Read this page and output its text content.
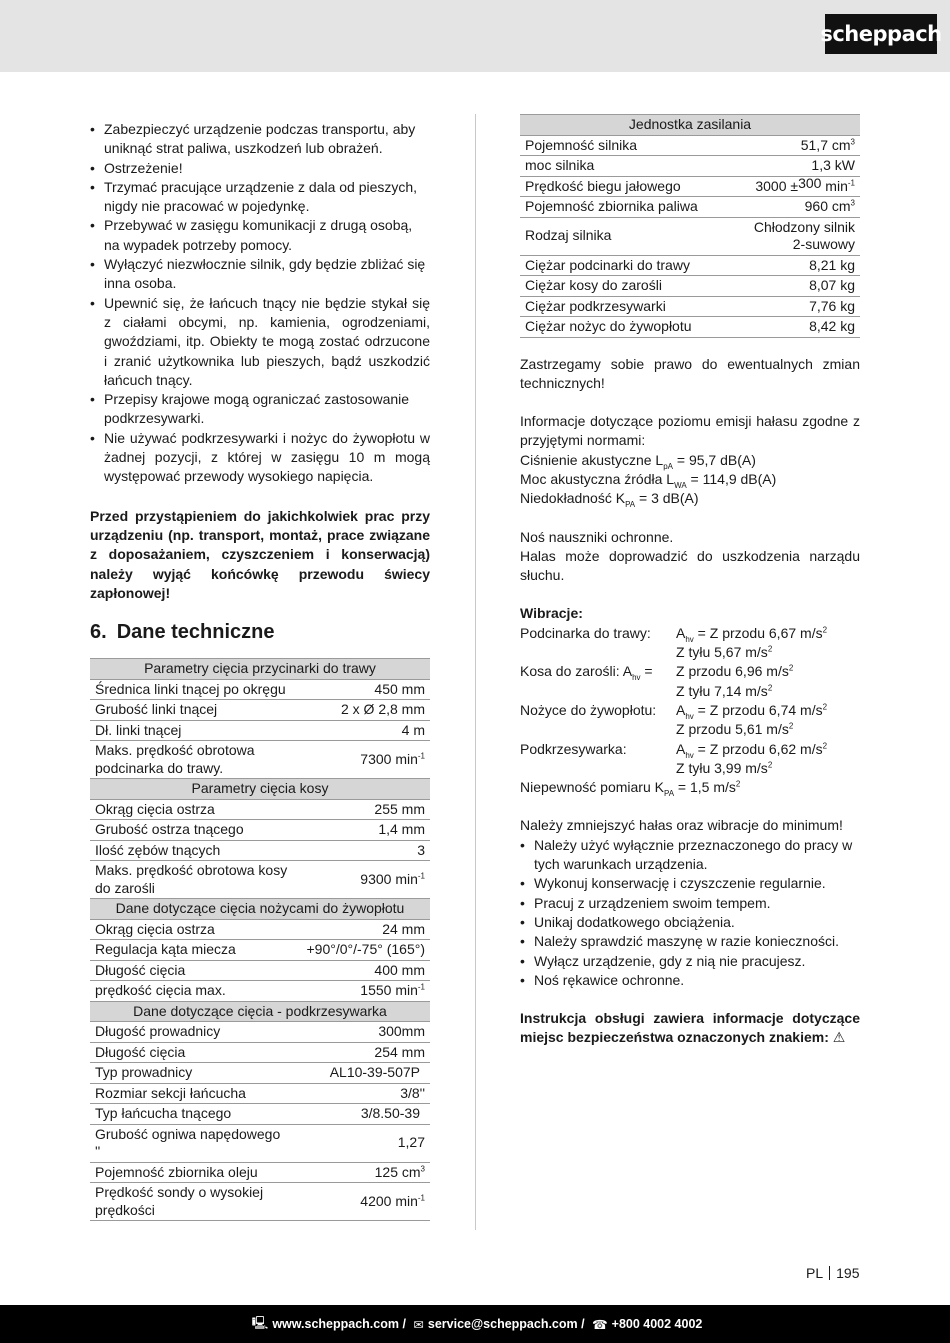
scheppach
• Zabezpieczyć urządzenie podczas transportu, aby uniknąć strat paliwa, uszkodzeń lub obrażeń.
• Ostrzeżenie!
• Trzymać pracujące urządzenie z dala od pieszych, nigdy nie pracować w pojedynkę.
• Przebywać w zasięgu komunikacji z drugą osobą, na wypadek potrzeby pomocy.
• Wyłączyć niezwłocznie silnik, gdy będzie zbliżać się inna osoba.
• Upewnić się, że łańcuch tnący nie będzie stykał się z ciałami obcymi, np. kamienia, ogrodzeniami, gwoździami, itp. Obiekty te mogą zostać odrzucone i zranić użytkownika lub pieszych, bądź uszkodzić łańcuch tnący.
• Przepisy krajowe mogą ograniczać zastosowanie podkrzesywarki.
• Nie używać podkrzesywarki i nożyc do żywopłotu w żadnej pozycji, z której w zasięgu 10 m mogą występować przewody wysokiego napięcia.
Przed przystąpieniem do jakichkolwiek prac przy urządzeniu (np. transport, montaż, prace związane z doposażaniem, czyszczeniem i konserwacją) należy wyjąć końcówkę przewodu świecy zapłonowej!
6. Dane techniczne
Parametry cięcia przycinarki do trawy	
Średnica linki tnącej po okręgu	450 mm
Grubość linki tnącej	2 x Ø 2,8 mm
Dł. linki tnącej	4 m
Maks. prędkość obrotowa
podcinarka do trawy.	7300 $\min^{-1}$
Parametry cięcia kosy	
Okrąg cięcia ostrza	255 mm
Grubość ostrza tnącego	1,4 mm
Ilość zębów tnących	3
Maks. prędkość obrotowa kosy
do zarośli	9300 $\min^{-1}$
Dane dotyczące cięcia nożycami do żywopłotu	
Okrąg cięcia ostrza	24 mm
Regulacja kąta miecza	+90°/0°/-75° (165°)
Długość cięcia	400 mm
prędkość cięcia max.	1550 $\min^{-1}$
Dane dotyczące cięcia - podkrzesywarka	
Długość prowadnicy	300mm
Długość cięcia	254 mm
Typ prowadnicy	AL10-39-507P
Rozmiar sekcji łańcucha	3/8''
Typ łańcucha tnącego	3/8.50-39
Grubość ogniwa napędowego
''	1,27
Pojemność zbiornika oleju	125 $cm^3$
Prędkość sondy o wysokiej
prędkości	4200 $\min^{-1}$
Jednostka zasilania	
Pojemność silnika	51,7 $cm^3$
moc silnika	1,3 kW
Prędkość biegu jałowego	3000 ±300 $\min^{-1}$
Pojemność zbiornika paliwa	960 $cm^3$
Rodzaj silnika	Chłodzony silnik
2-suwowy
Ciężar podcinarki do trawy	8,21 kg
Ciężar kosy do zarośli	8,07 kg
Ciężar podkrzesywarki	7,76 kg
Ciężar nożyc do żywopłotu	8,42 kg
Zastrzegamy sobie prawo do ewentualnych zmian technicznych!
Informacje dotyczące poziomu emisji hałasu zgodne z przyjętymi normami:
Ciśnienie akustyczne $L_{pA} = 95,7$ dB(A)
Moc akustyczna źródła $L_{WA} = 114,9$ dB(A)
Niedokładność $K_{PA} = 3$ dB(A)
Noś nauszniki ochronne.
Halas może doprowadzić do uszkodzenia narządu słuchu.
Wibracje:
Podcinarka do trawy:	$A_{hv} = Z$ przodu 6,67 $m/s^2$
Z tyłu 5,67 $m/s^2$
Kosa do zarośli: $A_{hv}$ =	Z przodu 6,96 $m/s^2$
Z tyłu 7,14 $m/s^2$
Nożyce do żywopłotu:	$A_{hv} = Z$ przodu 6,74 $m/s^2$
Z przodu 5,61 $m/s^2$
Podkrzesywarka:	$A_{hv} = Z$ przodu 6,62 $m/s^2$
Z tyłu 3,99 $m/s^2$
Niepewność pomiaru $K_{PA} = 1,5$ $m/s^2$
Należy zmniejszyć hałas oraz wibracje do minimum!
• Należy użyć wyłącznie przeznaczonego do pracy w tych warunkach urządzenia.
• Wykonuj konserwację i czyszczenie regularnie.
• Pracuj z urządzeniem swoim tempem.
• Unikaj dodatkowego obciążenia.
• Należy sprawdzić maszynę w razie konieczności.
• Wyłącz urządzenie, gdy z nią nie pracujesz.
• Noś rękawice ochronne.
Instrukcja obsługi zawiera informacje dotyczące miejsc bezpieczeństwa oznaczonych znakiem: ⚠
PL 195
🖳 www.scheppach.com / ✉ service@scheppach.com / ☎ +800 4002 4002
